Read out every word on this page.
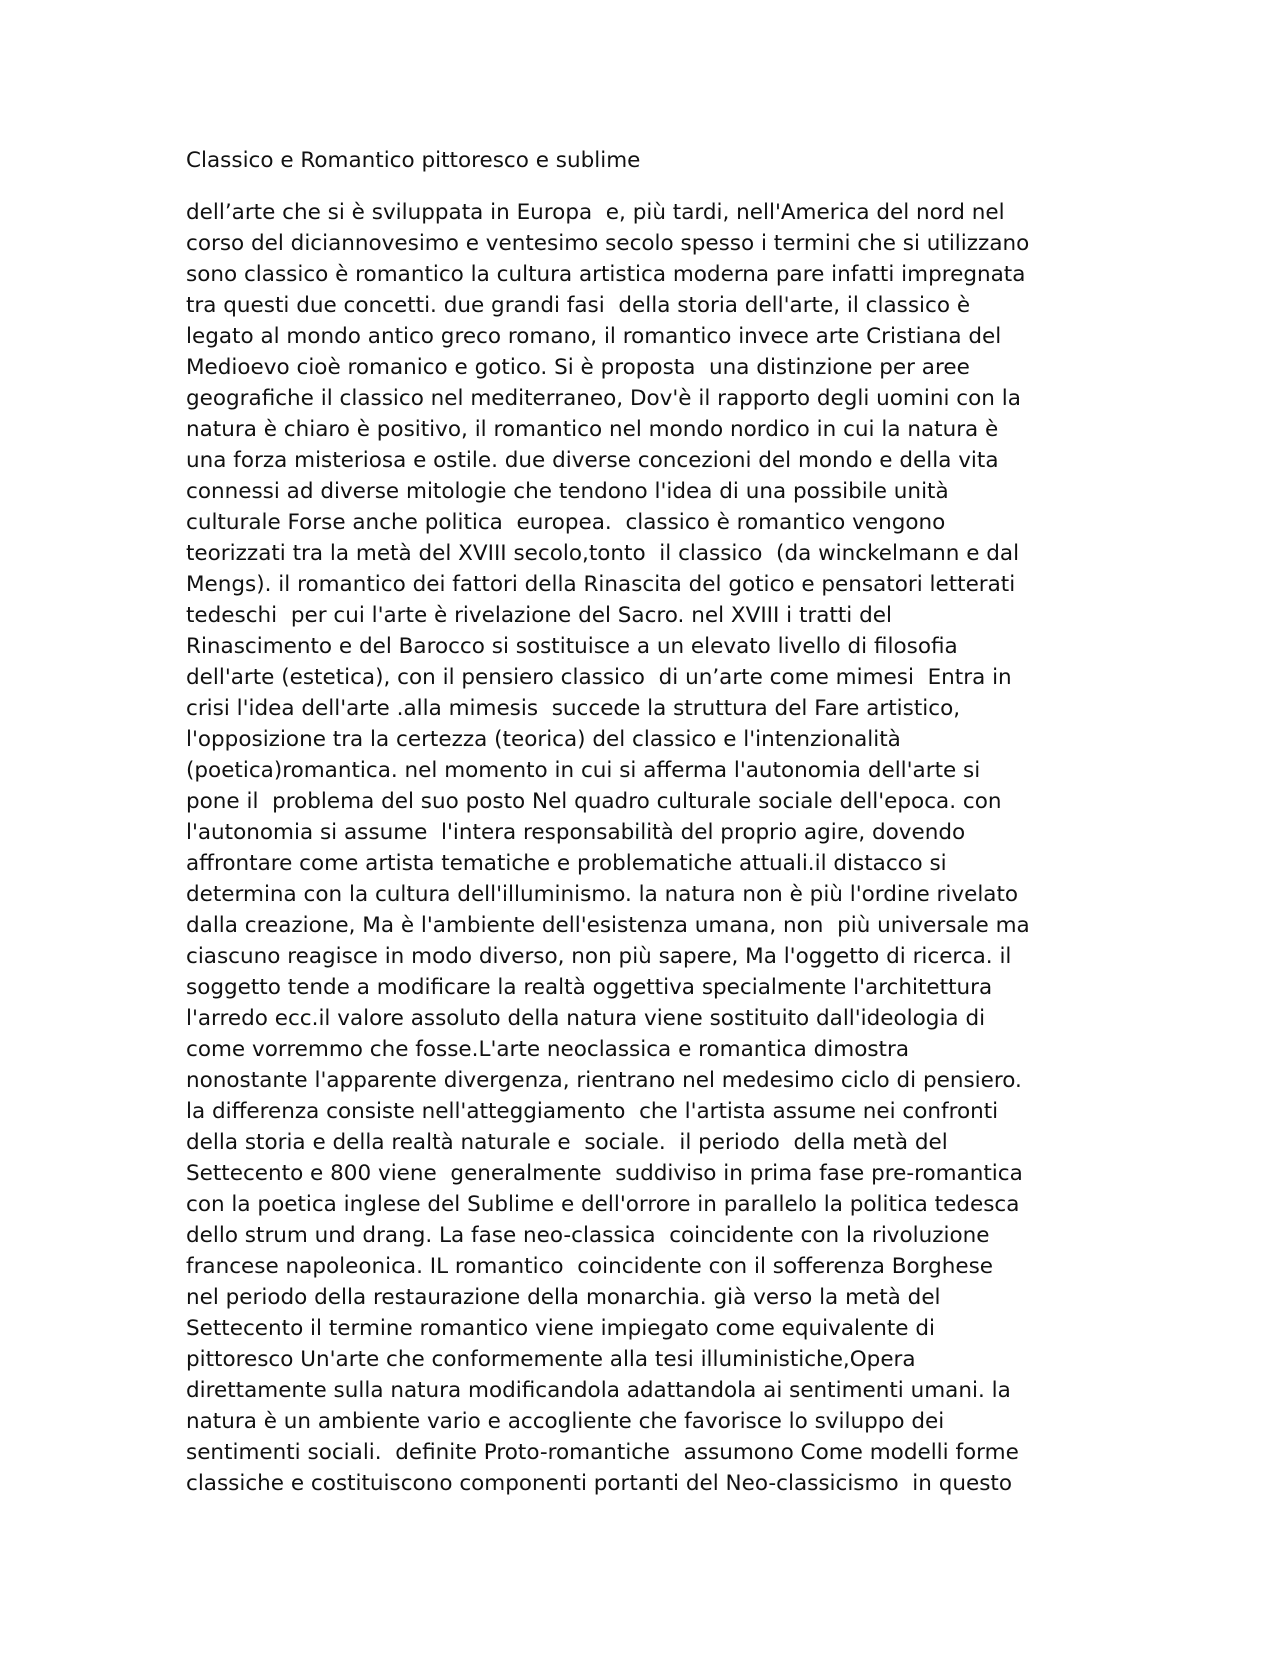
Classico e Romantico pittoresco e sublime
dell’arte che si è sviluppata in Europa  e, più tardi, nell'America del nord nel
corso del diciannovesimo e ventesimo secolo spesso i termini che si utilizzano
sono classico è romantico la cultura artistica moderna pare infatti impregnata
tra questi due concetti. due grandi fasi  della storia dell'arte, il classico è
legato al mondo antico greco romano, il romantico invece arte Cristiana del
Medioevo cioè romanico e gotico. Si è proposta  una distinzione per aree
geografiche il classico nel mediterraneo, Dov'è il rapporto degli uomini con la
natura è chiaro è positivo, il romantico nel mondo nordico in cui la natura è
una forza misteriosa e ostile. due diverse concezioni del mondo e della vita
connessi ad diverse mitologie che tendono l'idea di una possibile unità
culturale Forse anche politica  europea.  classico è romantico vengono
teorizzati tra la metà del XVIII secolo,tonto  il classico  (da winckelmann e dal
Mengs). il romantico dei fattori della Rinascita del gotico e pensatori letterati
tedeschi  per cui l'arte è rivelazione del Sacro. nel XVIII i tratti del
Rinascimento e del Barocco si sostituisce a un elevato livello di filosofia
dell'arte (estetica), con il pensiero classico  di un’arte come mimesi  Entra in
crisi l'idea dell'arte .alla mimesis  succede la struttura del Fare artistico,
l'opposizione tra la certezza (teorica) del classico e l'intenzionalità
(poetica)romantica. nel momento in cui si afferma l'autonomia dell'arte si
pone il  problema del suo posto Nel quadro culturale sociale dell'epoca. con
l'autonomia si assume  l'intera responsabilità del proprio agire, dovendo
affrontare come artista tematiche e problematiche attuali.il distacco si
determina con la cultura dell'illuminismo. la natura non è più l'ordine rivelato
dalla creazione, Ma è l'ambiente dell'esistenza umana, non  più universale ma
ciascuno reagisce in modo diverso, non più sapere, Ma l'oggetto di ricerca. il
soggetto tende a modificare la realtà oggettiva specialmente l'architettura
l'arredo ecc.il valore assoluto della natura viene sostituito dall'ideologia di
come vorremmo che fosse.L'arte neoclassica e romantica dimostra
nonostante l'apparente divergenza, rientrano nel medesimo ciclo di pensiero.
la differenza consiste nell'atteggiamento  che l'artista assume nei confronti
della storia e della realtà naturale e  sociale.  il periodo  della metà del
Settecento e 800 viene  generalmente  suddiviso in prima fase pre-romantica
con la poetica inglese del Sublime e dell'orrore in parallelo la politica tedesca
dello strum und drang. La fase neo-classica  coincidente con la rivoluzione
francese napoleonica. IL romantico  coincidente con il sofferenza Borghese
nel periodo della restaurazione della monarchia. già verso la metà del
Settecento il termine romantico viene impiegato come equivalente di
pittoresco Un'arte che conformemente alla tesi illuministiche,Opera
direttamente sulla natura modificandola adattandola ai sentimenti umani. la
natura è un ambiente vario e accogliente che favorisce lo sviluppo dei
sentimenti sociali.  definite Proto-romantiche  assumono Come modelli forme
classiche e costituiscono componenti portanti del Neo-classicismo  in questo
